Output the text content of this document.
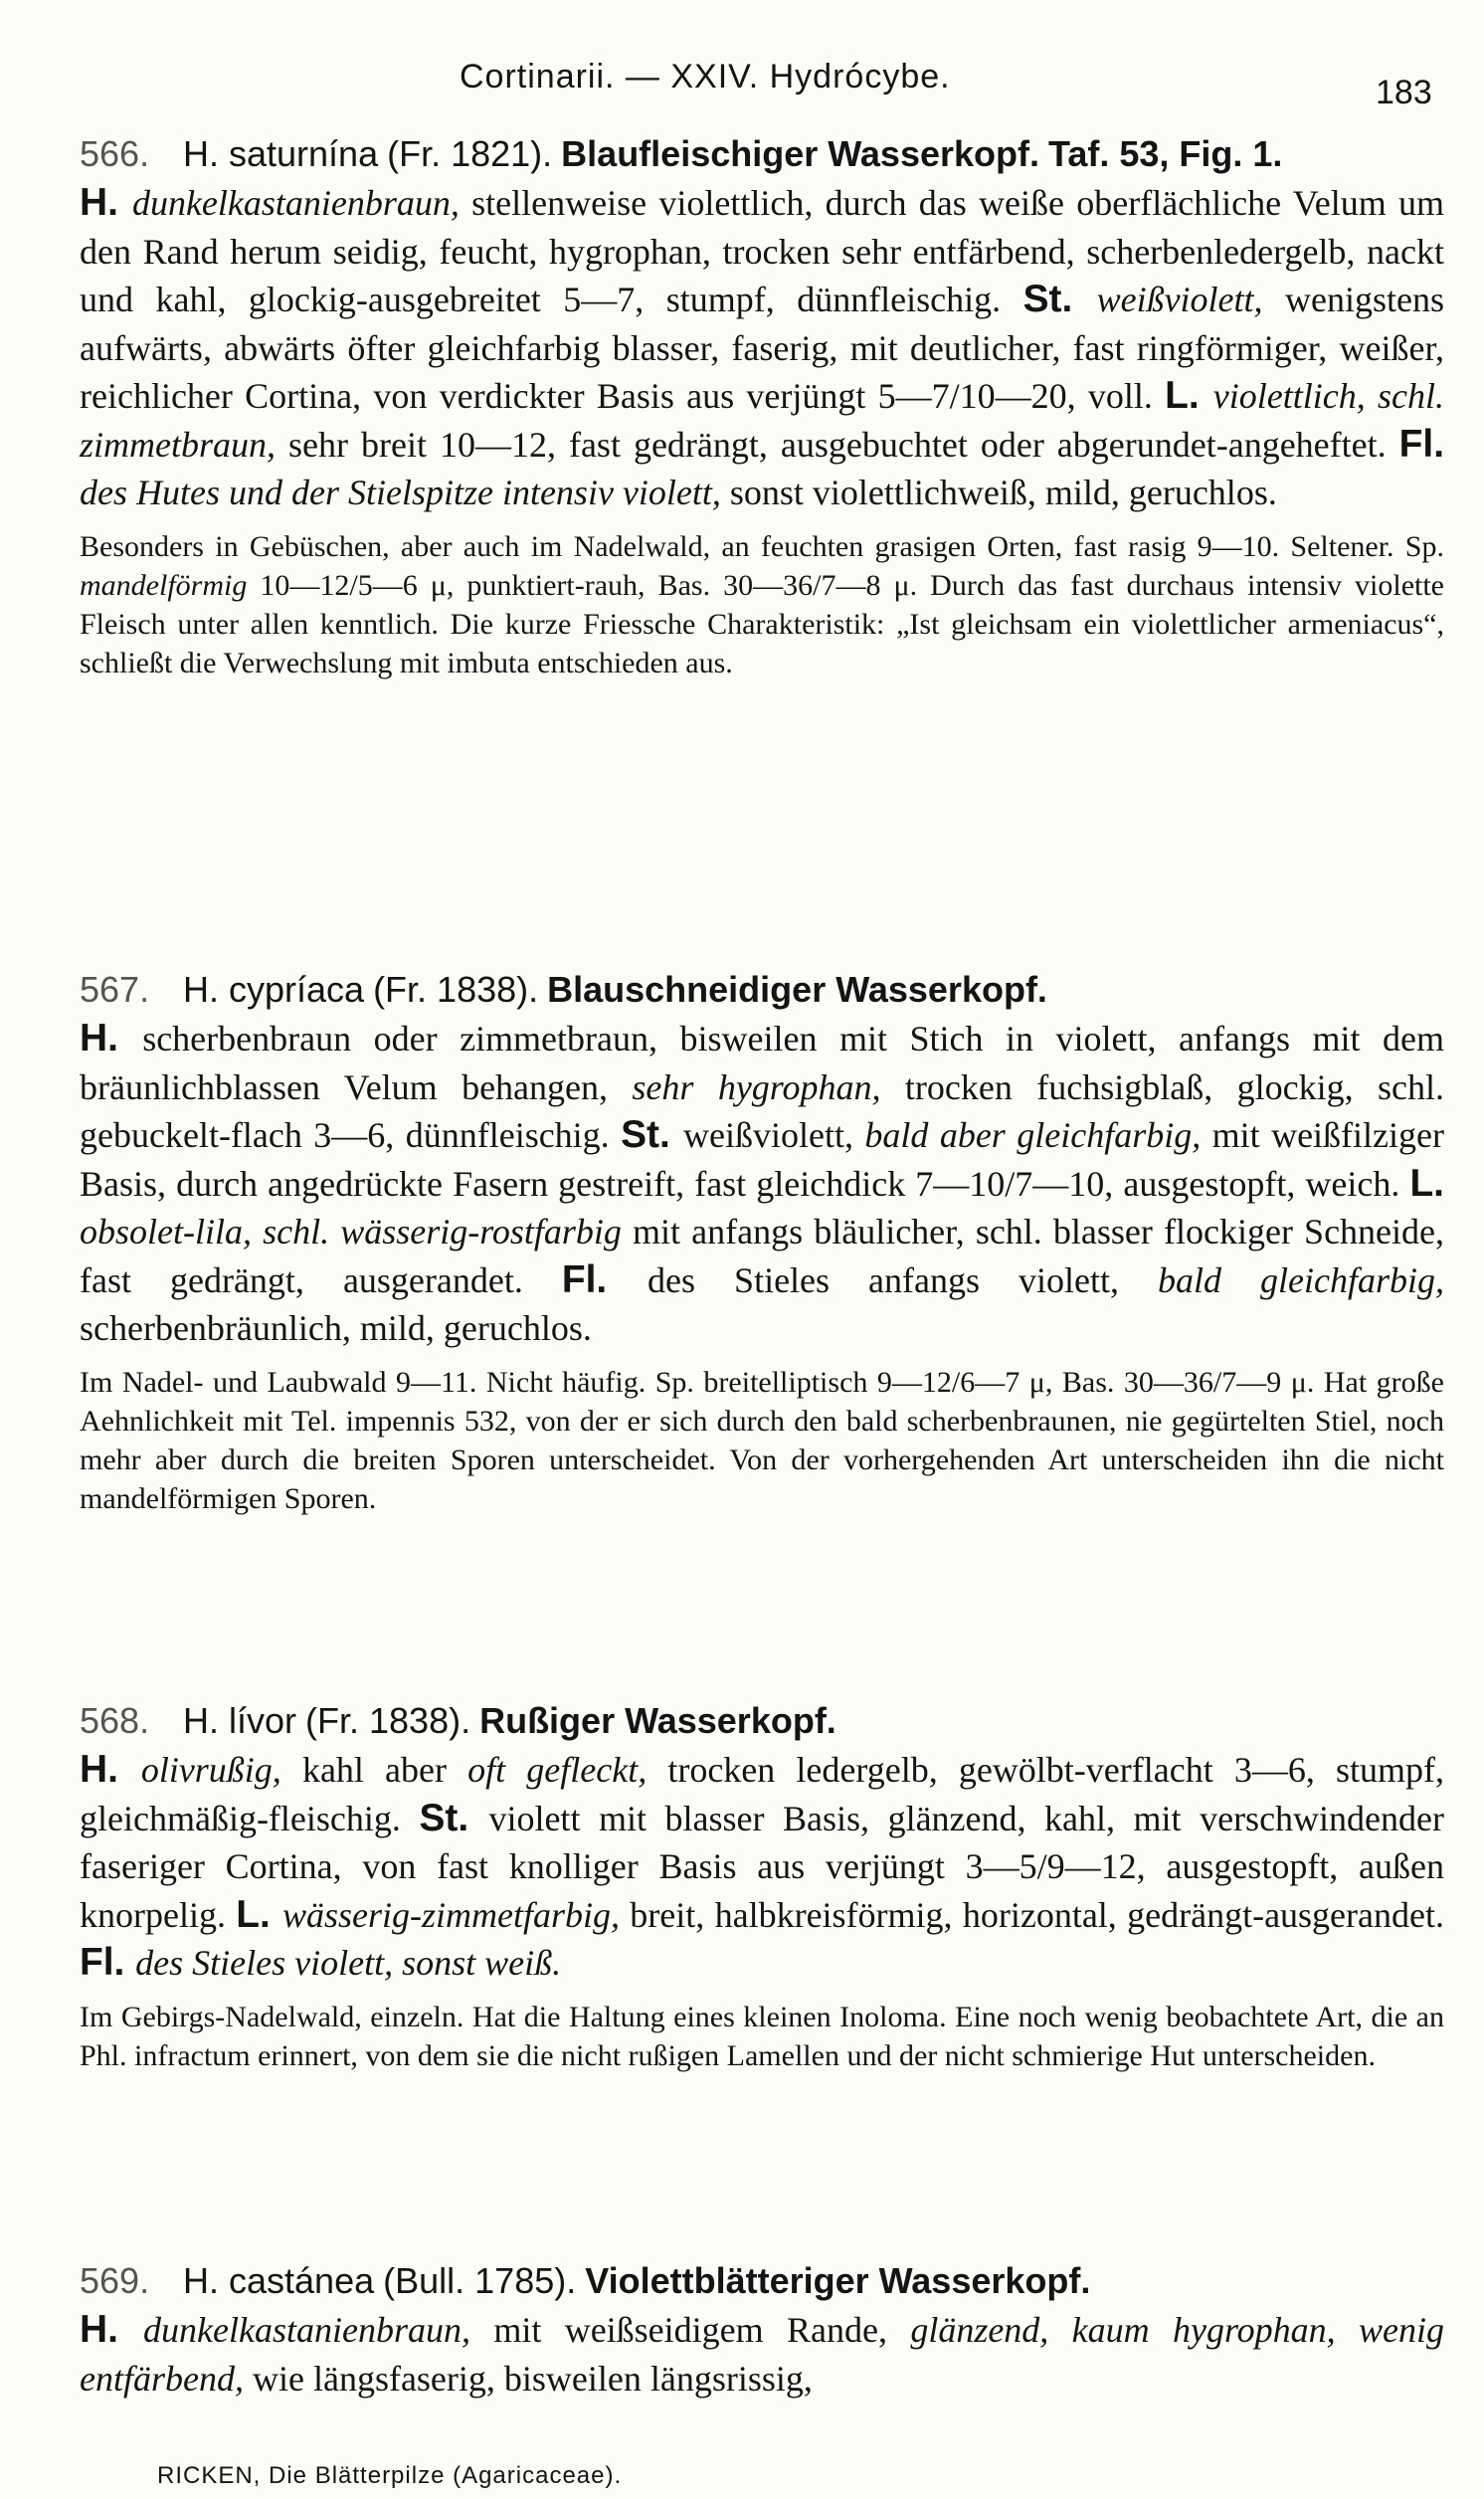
Cortinarii. — XXIV. Hydrócybe.	183
566. H. saturnína (Fr. 1821). Blaufleischiger Wasserkopf. Taf. 53, Fig. 1.
H. dunkelkastanienbraun, stellenweise violettlich, durch das weiße oberflächliche Velum um den Rand herum seidig, feucht, hygrophan, trocken sehr entfärbend, scherbenledergelb, nackt und kahl, glockig-ausgebreitet 5—7, stumpf, dünnfleischig. St. weißviolett, wenigstens aufwärts, abwärts öfter gleichfarbig blasser, faserig, mit deutlicher, fast ringförmiger, weißer, reichlicher Cortina, von verdickter Basis aus verjüngt 5—7/10—20, voll. L. violettlich, schl. zimmetbraun, sehr breit 10—12, fast gedrängt, ausgebuchtet oder abgerundet-angeheftet. Fl. des Hutes und der Stielspitze intensiv violett, sonst violettlichweiß, mild, geruchlos.
Besonders in Gebüschen, aber auch im Nadelwald, an feuchten grasigen Orten, fast rasig 9—10. Seltener. Sp. mandelförmig 10—12/5—6 μ, punktiert-rauh, Bas. 30—36/7—8 μ. Durch das fast durchaus intensiv violette Fleisch unter allen kenntlich. Die kurze Friessche Charakteristik: „Ist gleichsam ein violettlicher armeniacus“, schließt die Verwechslung mit imbuta entschieden aus.
567. H. cypríaca (Fr. 1838). Blauschneidiger Wasserkopf.
H. scherbenbraun oder zimmetbraun, bisweilen mit Stich in violett, anfangs mit dem bräunlichblassen Velum behangen, sehr hygrophan, trocken fuchsigblaß, glockig, schl. gebuckelt-flach 3—6, dünnfleischig. St. weißviolett, bald aber gleichfarbig, mit weißfilziger Basis, durch angedrückte Fasern gestreift, fast gleichdick 7—10/7—10, ausgestopft, weich. L. obsolet-lila, schl. wässerig-rostfarbig mit anfangs bläulicher, schl. blasser flockiger Schneide, fast gedrängt, ausgerandet. Fl. des Stieles anfangs violett, bald gleichfarbig, scherbenbräunlich, mild, geruchlos.
Im Nadel- und Laubwald 9—11. Nicht häufig. Sp. breitelliptisch 9—12/6—7 μ, Bas. 30—36/7—9 μ. Hat große Aehnlichkeit mit Tel. impennis 532, von der er sich durch den bald scherbenbraunen, nie gegürtelten Stiel, noch mehr aber durch die breiten Sporen unterscheidet. Von der vorhergehenden Art unterscheiden ihn die nicht mandelförmigen Sporen.
568. H. lívor (Fr. 1838). Rußiger Wasserkopf.
H. olivrußig, kahl aber oft gefleckt, trocken ledergelb, gewölbt-verflacht 3—6, stumpf, gleichmäßig-fleischig. St. violett mit blasser Basis, glänzend, kahl, mit verschwindender faseriger Cortina, von fast knolliger Basis aus verjüngt 3—5/9—12, ausgestopft, außen knorpelig. L. wässerig-zimmetfarbig, breit, halbkreisförmig, horizontal, gedrängt-ausgerandet. Fl. des Stieles violett, sonst weiß.
Im Gebirgs-Nadelwald, einzeln. Hat die Haltung eines kleinen Inoloma. Eine noch wenig beobachtete Art, die an Phl. infractum erinnert, von dem sie die nicht rußigen Lamellen und der nicht schmierige Hut unterscheiden.
569. H. castánea (Bull. 1785). Violettblätteriger Wasserkopf.
H. dunkelkastanienbraun, mit weißseidigem Rande, glänzend, kaum hygrophan, wenig entfärbend, wie längsfaserig, bisweilen längsrissig,
RICKEN, Die Blätterpilze (Agaricaceae).
